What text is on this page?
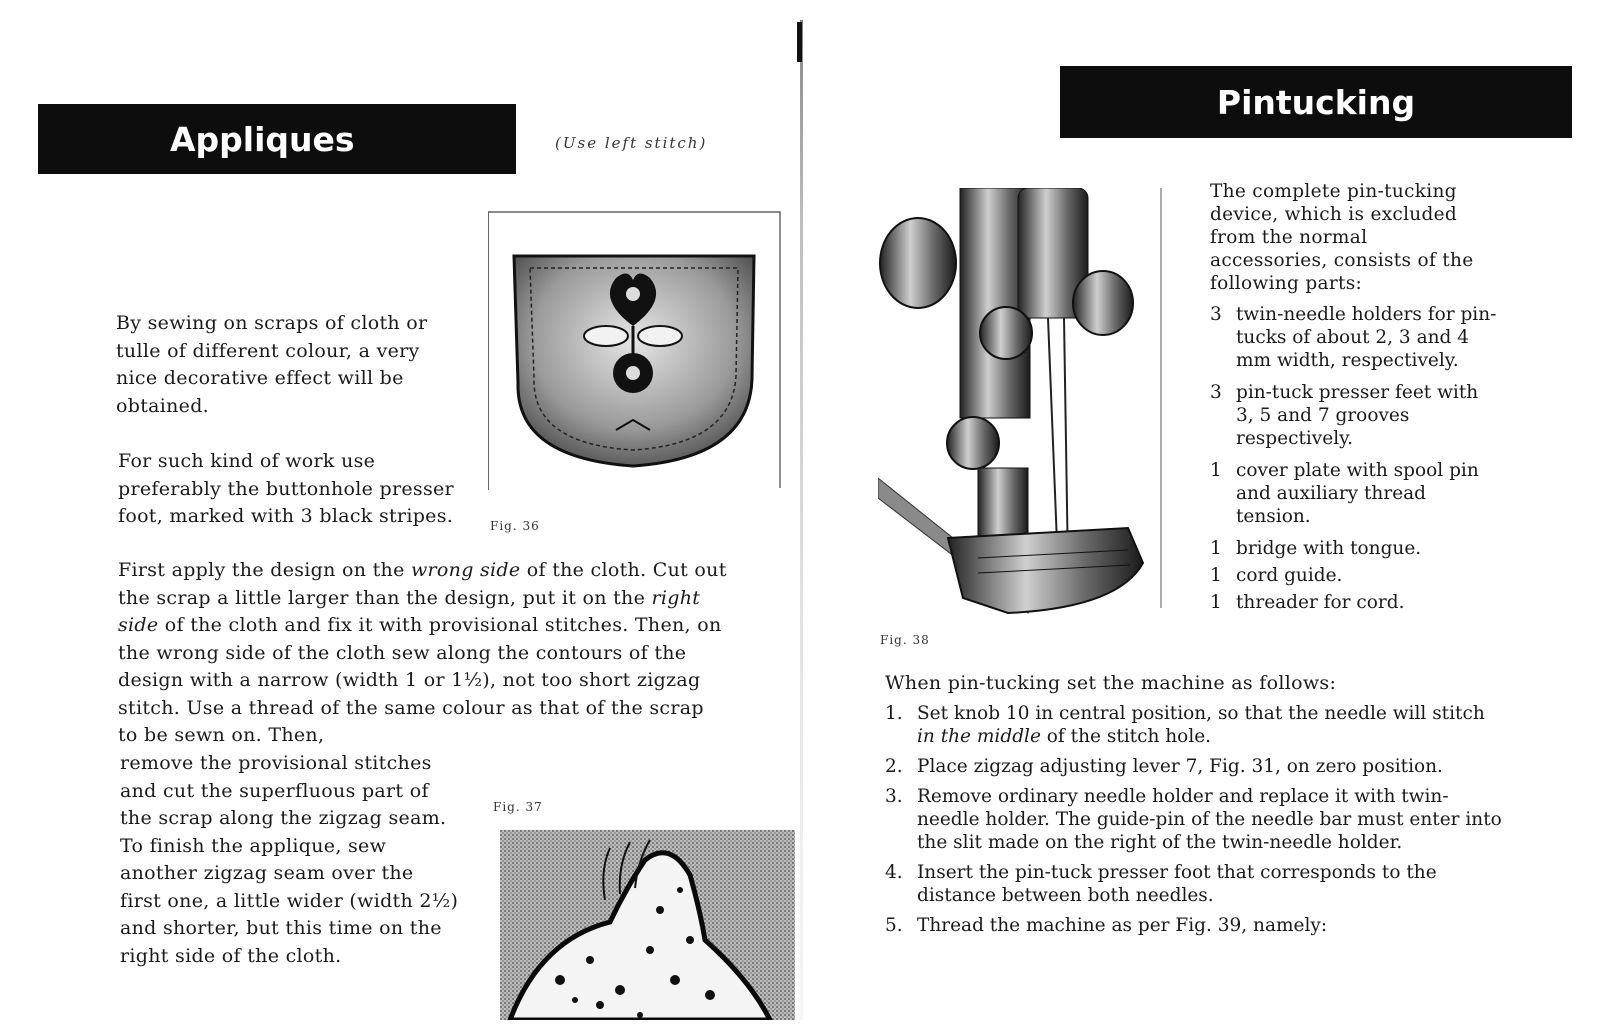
Appliques	(Use left stitch)
By sewing on scraps of cloth or tulle of different colour, a very nice decorative effect will be obtained.
For such kind of work use preferably the buttonhole presser foot, marked with 3 black stripes.
First apply the design on the wrong side of the cloth. Cut out the scrap a little larger than the design, put it on the right side of the cloth and fix it with provisional stitches. Then, on the wrong side of the cloth sew along the contours of the design with a narrow (width 1 or 1½), not too short zigzag stitch. Use a thread of the same colour as that of the scrap to be sewn on. Then,
remove the provisional stitches and cut the superfluous part of the scrap along the zigzag seam. To finish the applique, sew another zigzag seam over the first one, a little wider (width 2½) and shorter, but this time on the right side of the cloth.
Fig. 36
Fig. 37
Pintucking
Fig. 38
The complete pin-tucking device, which is excluded from the normal accessories, consists of the following parts:
3 twin-needle holders for pin-tucks of about 2, 3 and 4 mm width, respectively.
3 pin-tuck presser feet with 3, 5 and 7 grooves respectively.
1 cover plate with spool pin and auxiliary thread tension.
1 bridge with tongue.
1 cord guide.
1 threader for cord.
When pin-tucking set the machine as follows:
1. Set knob 10 in central position, so that the needle will stitch in the middle of the stitch hole.
2. Place zigzag adjusting lever 7, Fig. 31, on zero position.
3. Remove ordinary needle holder and replace it with twin-needle holder. The guide-pin of the needle bar must enter into the slit made on the right of the twin-needle holder.
4. Insert the pin-tuck presser foot that corresponds to the distance between both needles.
5. Thread the machine as per Fig. 39, namely:
